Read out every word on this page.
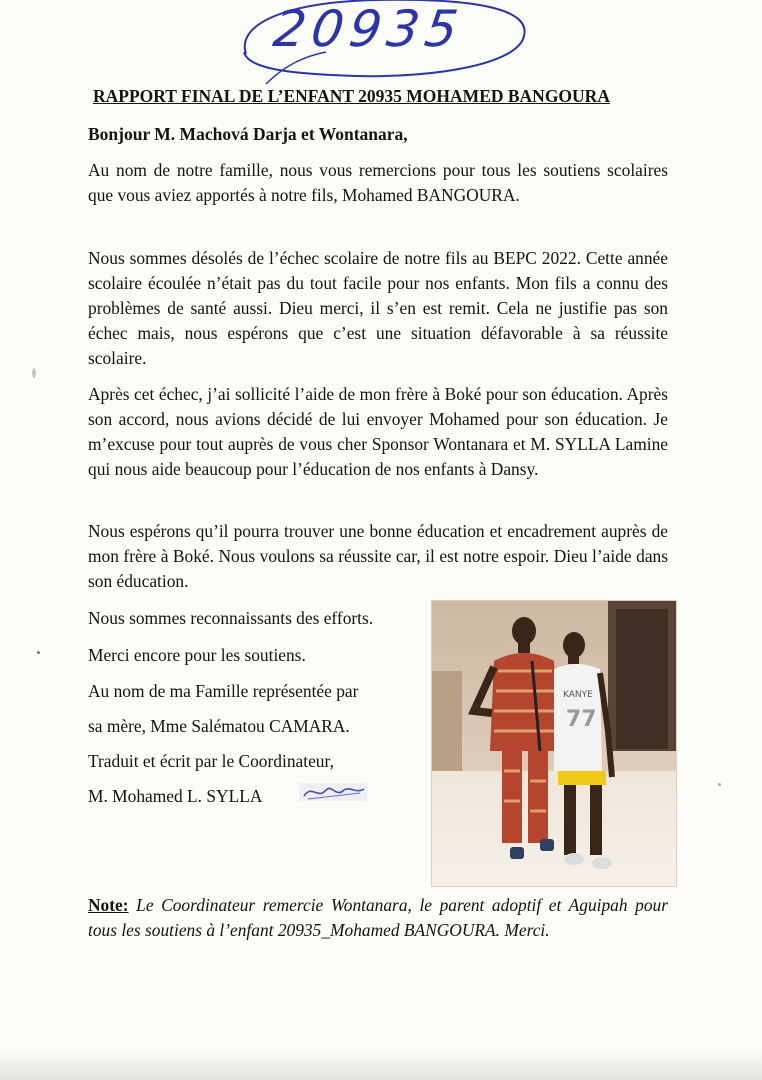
20935
RAPPORT FINAL DE L’ENFANT 20935 MOHAMED BANGOURA
Bonjour M. Machová Darja et Wontanara,

Au nom de notre famille, nous vous remercions pour tous les soutiens scolaires que vous aviez apportés à notre fils, Mohamed BANGOURA.

Nous sommes désolés de l’échec scolaire de notre fils au BEPC 2022. Cette année scolaire écoulée n’était pas du tout facile pour nos enfants. Mon fils a connu des problèmes de santé aussi. Dieu merci, il s’en est remit. Cela ne justifie pas son échec mais, nous espérons que c’est une situation défavorable à sa réussite scolaire.

Après cet échec, j’ai sollicité l’aide de mon frère à Boké pour son éducation. Après son accord, nous avions décidé de lui envoyer Mohamed pour son éducation. Je m’excuse pour tout auprès de vous cher Sponsor Wontanara et M. SYLLA Lamine qui nous aide beaucoup pour l’éducation de nos enfants à Dansy.

Nous espérons qu’il pourra trouver une bonne éducation et encadrement auprès de mon frère à Boké. Nous voulons sa réussite car, il est notre espoir. Dieu l’aide dans son éducation.

Nous sommes reconnaissants des efforts.
Merci encore pour les soutiens.
Au nom de ma Famille représentée par
sa mère, Mme Salématou CAMARA.
Traduit et écrit par le Coordinateur,
M. Mohamed L. SYLLA
KANYE
77

Note: Le Coordinateur remercie Wontanara, le parent adoptif et Aguipah pour tous les soutiens à l’enfant 20935_Mohamed BANGOURA. Merci.
